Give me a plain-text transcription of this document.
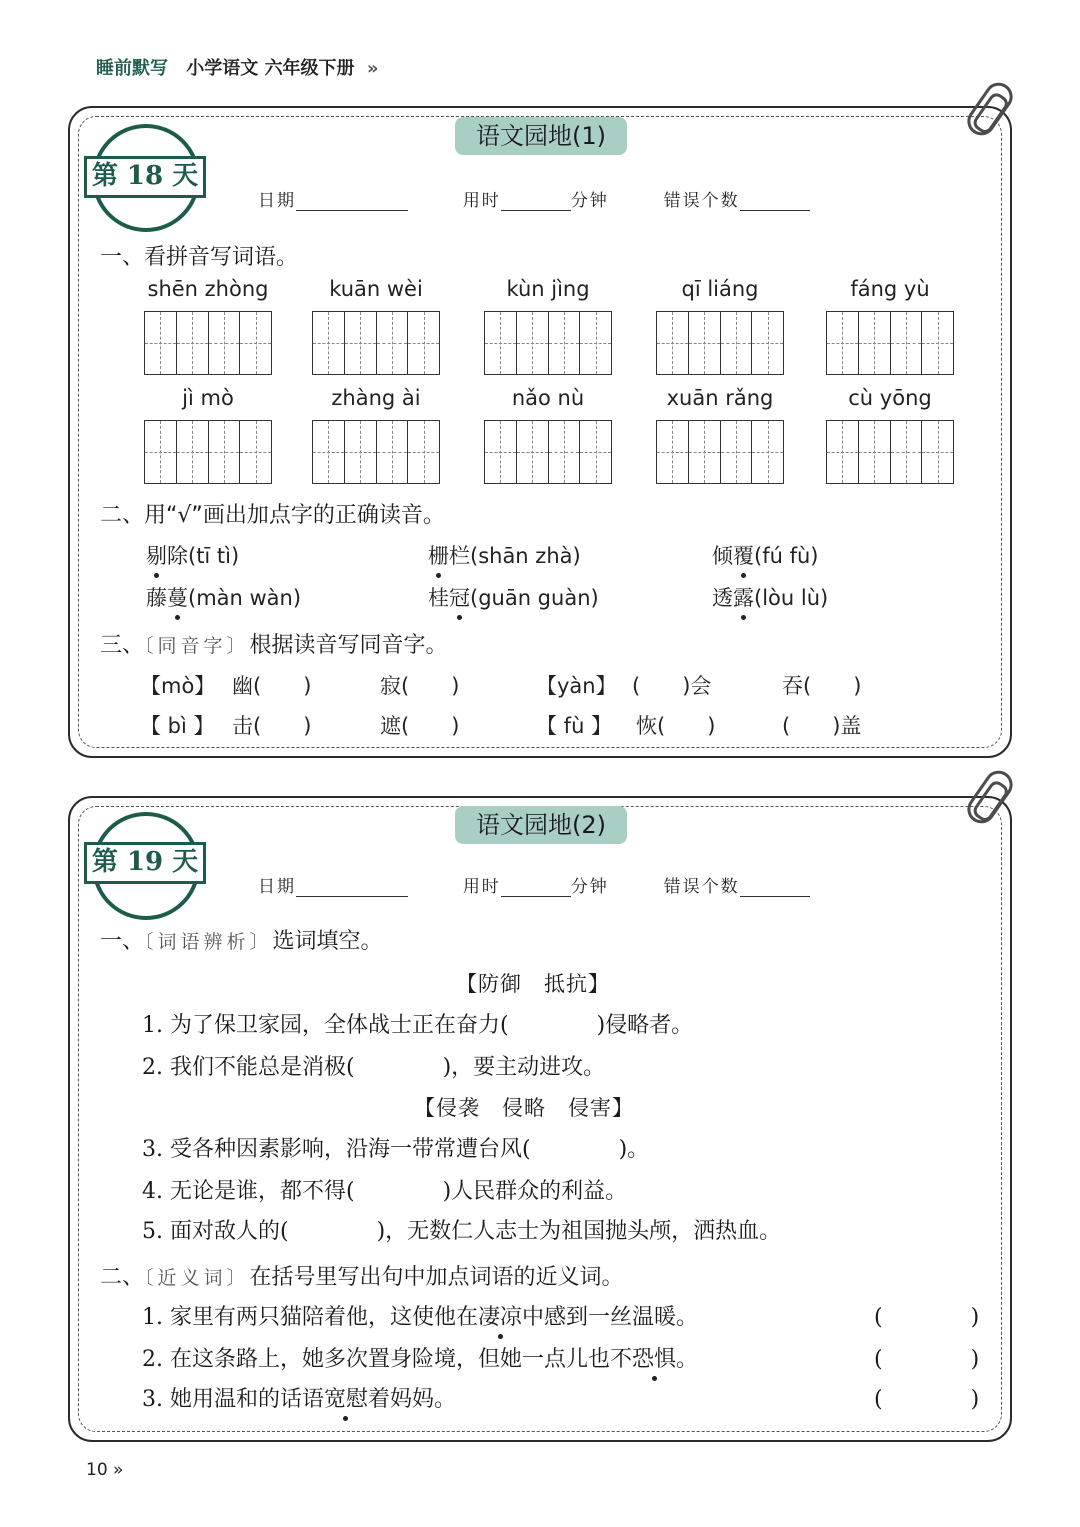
睡前默写 小学语文 六年级下册 »
语文园地(1)
第 18 天
日期	用时	分钟	错误个数
一、看拼音写词语。
shēn zhòng	kuān wèi	kùn jìng	qī liáng	fáng yù
jì mò	zhàng ài	nǎo nù	xuān rǎng	cù yōng
二、用“√”画出加点字的正确读音。
剔除(tī tì)	栅栏(shān zhà)	倾覆(fú fù)
藤蔓(màn wàn)	桂冠(guān guàn)	透露(lòu lù)
三、〔同音字〕根据读音写同音字。
【mò】 幽(　　)	寂(　　)	【yàn】 (　　)会	吞(　　)
【 bì 】 击(　　)	遮(　　)	【 fù 】 恢(　　)	(　　)盖
语文园地(2)
第 19 天
日期	用时	分钟	错误个数
一、〔词语辨析〕选词填空。
【防御　抵抗】
1. 为了保卫家园，全体战士正在奋力(　　　　)侵略者。
2. 我们不能总是消极(　　　　)，要主动进攻。
【侵袭　侵略　侵害】
3. 受各种因素影响，沿海一带常遭台风(　　　　)。
4. 无论是谁，都不得(　　　　)人民群众的利益。
5. 面对敌人的(　　　　)，无数仁人志士为祖国抛头颅，洒热血。
二、〔近义词〕在括号里写出句中加点词语的近义词。
1. 家里有两只猫陪着他，这使他在凄凉中感到一丝温暖。	(　　　　)
2. 在这条路上，她多次置身险境，但她一点儿也不恐惧。	(　　　　)
3. 她用温和的话语宽慰着妈妈。	(　　　　)
10 »
